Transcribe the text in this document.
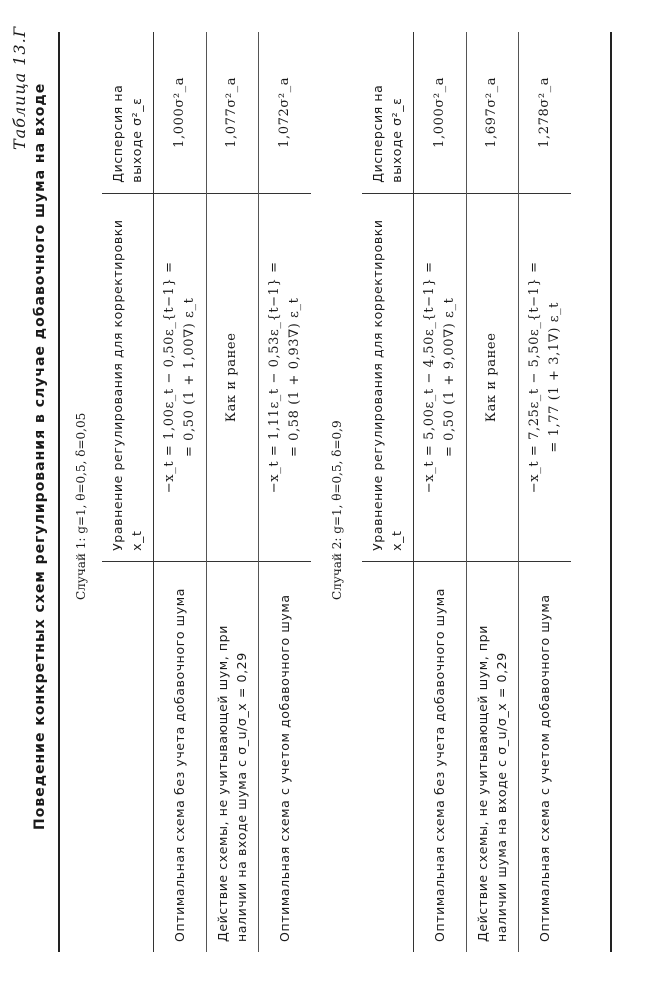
Таблица 13.Г Поведение конкретных схем регулирования в случае добавочного шума на входе Случай 1: g=1, θ=0,5, δ=0,05
	Уравнение регулирования для корректировки x_t	Дисперсия на выходе σ²_ε
Оптимальная схема без учета добавочного шума	−x_t = 1,00ε_t − 0,50ε_{t−1} = = 0,50 (1 + 1,00∇) ε_t	1,000σ²_a
Действие схемы, не учитывающей шум, при наличии на входе шума с σ_u/σ_x = 0,29	Как и ранее	1,077σ²_a
Оптимальная схема с учетом добавочного шума	−x_t = 1,11ε_t − 0,53ε_{t−1} = = 0,58 (1 + 0,93∇) ε_t	1,072σ²_a
Случай 2: g=1, θ=0,5, δ=0,9
	Уравнение регулирования для корректировки x_t	Дисперсия на выходе σ²_ε
Оптимальная схема без учета добавочного шума	−x_t = 5,00ε_t − 4,50ε_{t−1} = = 0,50 (1 + 9,00∇) ε_t	1,000σ²_a
Действие схемы, не учитывающей шум, при наличии шума на входе с σ_u/σ_x = 0,29	Как и ранее	1,697σ²_a
Оптимальная схема с учетом добавочного шума	−x_t = 7,25ε_t − 5,50ε_{t−1} = = 1,77 (1 + 3,1∇) ε_t	1,278σ²_a
